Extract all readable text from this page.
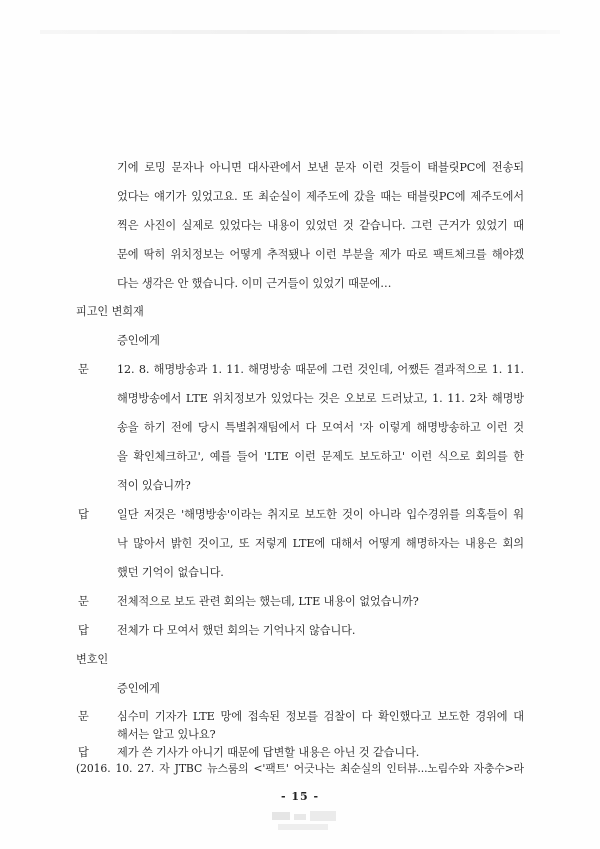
기에 로밍 문자나 아니면 대사관에서 보낸 문자 이런 것들이 태블릿PC에 전송되
었다는 얘기가 있었고요. 또 최순실이 제주도에 갔을 때는 태블릿PC에 제주도에서
찍은 사진이 실제로 있었다는 내용이 있었던 것 같습니다. 그런 근거가 있었기 때
문에 딱히 위치정보는 어떻게 추적됐나 이런 부분을 제가 따로 팩트체크를 해야겠
다는 생각은 안 했습니다. 이미 근거들이 있었기 때문에…
피고인 변희재
증인에게
문	12. 8. 해명방송과 1. 11. 해명방송 때문에 그런 것인데, 어쨌든 결과적으로 1. 11.
해명방송에서 LTE 위치정보가 있었다는 것은 오보로 드러났고, 1. 11. 2차 해명방
송을 하기 전에 당시 특별취재팀에서 다 모여서 '자 이렇게 해명방송하고 이런 것
을 확인체크하고', 예를 들어 'LTE 이런 문제도 보도하고' 이런 식으로 회의를 한
적이 있습니까?
답	일단 저것은 '해명방송'이라는 취지로 보도한 것이 아니라 입수경위를 의혹들이 워
낙 많아서 밝힌 것이고, 또 저렇게 LTE에 대해서 어떻게 해명하자는 내용은 회의
했던 기억이 없습니다.
문	전체적으로 보도 관련 회의는 했는데, LTE 내용이 없었습니까?
답	전체가 다 모여서 했던 회의는 기억나지 않습니다.
변호인
증인에게
문	심수미 기자가 LTE 망에 접속된 정보를 검찰이 다 확인했다고 보도한 경위에 대
해서는 알고 있나요?
답	제가 쓴 기사가 아니기 때문에 답변할 내용은 아닌 것 같습니다.
(2016. 10. 27. 자 JTBC 뉴스룸의 <'팩트' 어긋나는 최순실의 인터뷰...노림수와 자충수>라
- 15 -
